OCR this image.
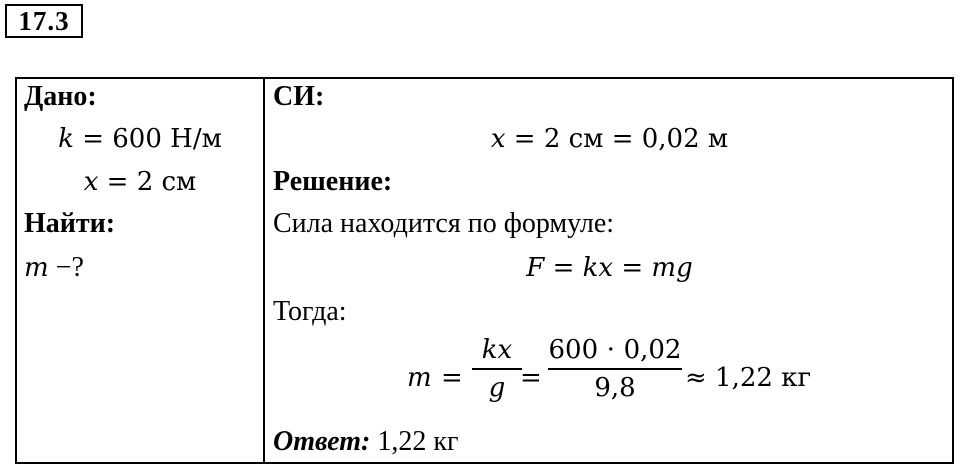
17.3
Дано:
k = 600 Н/м
x = 2 см
Найти:
m −?
СИ:
x = 2 см = 0,02 м
Решение:
Сила находится по формуле:
F = kx = mg
Тогда:
m =
kx
g =
600 ⋅ 0,02
9,8	≈ 1,22 кг
Ответ: 1,22 кг
